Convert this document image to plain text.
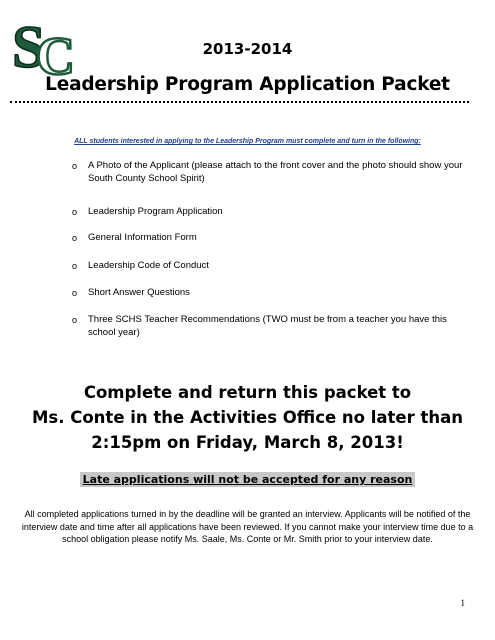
S
C	2013-2014
Leadership Program Application Packet
ALL students interested in applying to the Leadership Program must complete and turn in the following:
o A Photo of the Applicant (please attach to the front cover and the photo should show your South County School Spirit)
o Leadership Program Application
o General Information Form
o Leadership Code of Conduct
o Short Answer Questions
o Three SCHS Teacher Recommendations (TWO must be from a teacher you have this school year)
Complete and return this packet to
Ms. Conte in the Activities Office no later than
2:15pm on Friday, March 8, 2013!
Late applications will not be accepted for any reason
All completed applications turned in by the deadline will be granted an interview. Applicants will be notified of the interview date and time after all applications have been reviewed. If you cannot make your interview time due to a school obligation please notify Ms. Saale, Ms. Conte or Mr. Smith prior to your interview date.
1
